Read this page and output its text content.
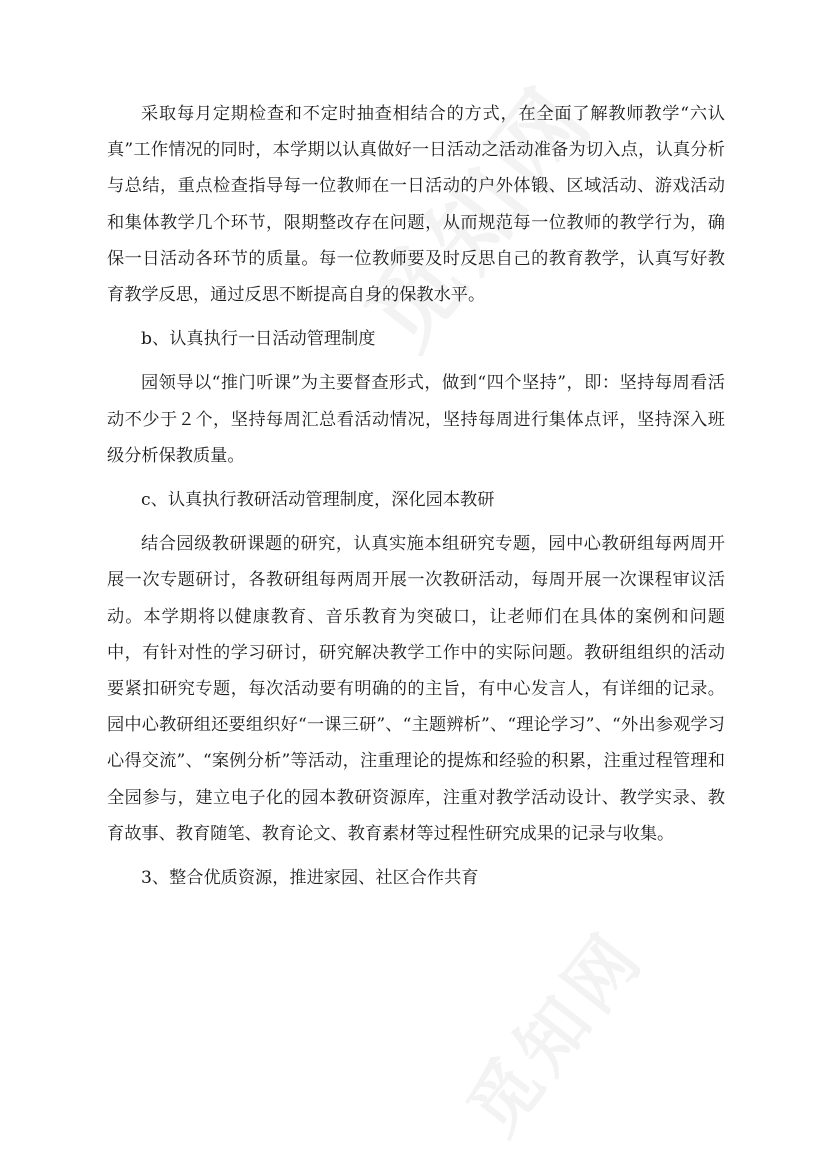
采取每月定期检查和不定时抽查相结合的方式，在全面了解教师教学“六认真”工作情况的同时，本学期以认真做好一日活动之活动准备为切入点，认真分析与总结，重点检查指导每一位教师在一日活动的户外体锻、区域活动、游戏活动和集体教学几个环节，限期整改存在问题，从而规范每一位教师的教学行为，确保一日活动各环节的质量。每一位教师要及时反思自己的教育教学，认真写好教育教学反思，通过反思不断提高自身的保教水平。

b、认真执行一日活动管理制度

园领导以“推门听课”为主要督查形式，做到“四个坚持”，即：坚持每周看活动不少于２个，坚持每周汇总看活动情况，坚持每周进行集体点评，坚持深入班级分析保教质量。

c、认真执行教研活动管理制度，深化园本教研

结合园级教研课题的研究，认真实施本组研究专题，园中心教研组每两周开展一次专题研讨，各教研组每两周开展一次教研活动，每周开展一次课程审议活动。本学期将以健康教育、音乐教育为突破口，让老师们在具体的案例和问题中，有针对性的学习研讨，研究解决教学工作中的实际问题。教研组组织的活动要紧扣研究专题，每次活动要有明确的的主旨，有中心发言人，有详细的记录。园中心教研组还要组织好“一课三研”、“主题辨析”、“理论学习”、“外出参观学习心得交流”、“案例分析”等活动，注重理论的提炼和经验的积累，注重过程管理和全园参与，建立电子化的园本教研资源库，注重对教学活动设计、教学实录、教育故事、教育随笔、教育论文、教育素材等过程性研究成果的记录与收集。

3、整合优质资源，推进家园、社区合作共育
